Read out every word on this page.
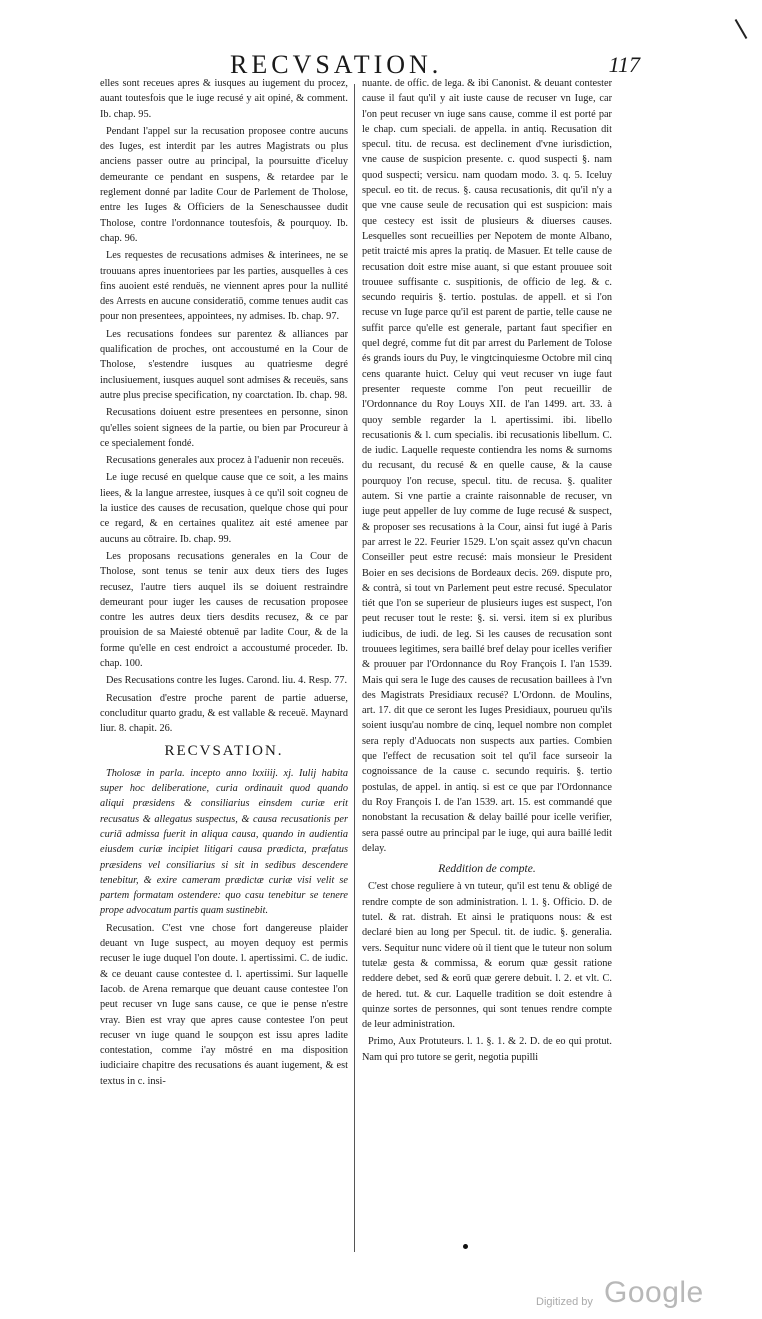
RECVSATION.	117

elles sont receues apres & iusques au iugement du procez, auant toutesfois que le iuge recusé y ait opiné, & comment. Ib. chap. 95.

Pendant l'appel sur la recusation proposee contre aucuns des Iuges, est interdit par les autres Magistrats ou plus anciens passer outre au principal, la poursuitte d'iceluy demeurante ce pendant en suspens, & retardee par le reglement donné par ladite Cour de Parlement de Tholose, entre les Iuges & Officiers de la Seneschaussee dudit Tholose, contre l'ordonnance toutesfois, & pourquoy. Ib. chap. 96.

Les requestes de recusations admises & interinees, ne se trouuans apres inuentoriees par les parties, ausquelles à ces fins auoient esté renduës, ne viennent apres pour la nullité des Arrests en aucune consideratiō, comme tenues audit cas pour non presentees, appointees, ny admises. Ib. chap. 97.

Les recusations fondees sur parentez & alliances par qualification de proches, ont accoustumé en la Cour de Tholose, s'estendre iusques au quatriesme degré inclusiuement, iusques auquel sont admises & receuës, sans autre plus precise specification, ny coarctation. Ib. chap. 98.

Recusations doiuent estre presentees en personne, sinon qu'elles soient signees de la partie, ou bien par Procureur à ce specialement fondé.

Recusations generales aux procez à l'aduenir non receuës.

Le iuge recusé en quelque cause que ce soit, a les mains liees, & la langue arrestee, iusques à ce qu'il soit cogneu de la iustice des causes de recusation, quelque chose qui pour ce regard, & en certaines qualitez ait esté amenee par aucuns au cōtraire. Ib. chap. 99.

Les proposans recusations generales en la Cour de Tholose, sont tenus se tenir aux deux tiers des Iuges recusez, l'autre tiers auquel ils se doiuent restraindre demeurant pour iuger les causes de recusation proposee contre les autres deux tiers desdits recusez, & ce par prouision de sa Maiesté obtenuë par ladite Cour, & de la forme qu'elle en cest endroict a accoustumé proceder. Ib. chap. 100.

Des Recusations contre les Iuges. Carond. liu. 4. Resp. 77.

Recusation d'estre proche parent de partie aduerse, concluditur quarto gradu, & est vallable & receuë. Maynard liur. 8. chapit. 26.

RECVSATION.

Tholosæ in parla. incepto anno lxxiiij. xj. Iulij habita super hoc deliberatione, curia ordinauit quod quando aliqui præsidens & consiliarius einsdem curiæ erit recusatus & allegatus suspectus, & causa recusationis per curiā admissa fuerit in aliqua causa, quando in audientia eiusdem curiæ incipiet litigari causa prædicta, præfatus præsidens vel consiliarius si sit in sedibus descendere tenebitur, & exire cameram prædictæ curiæ visi velit se partem formatam ostendere: quo casu tenebitur se tenere prope advocatum partis quam sustinebit.

Recusation. C'est vne chose fort dangereuse plaider deuant vn Iuge suspect, au moyen dequoy est permis recuser le iuge duquel l'on doute. l. apertissimi. C. de iudic. & ce deuant cause contestee d. l. apertissimi. Sur laquelle Iacob. de Arena remarque que deuant cause contestee l'on peut recuser vn Iuge sans cause, ce que ie pense n'estre vray. Bien est vray que apres cause contestee l'on peut recuser vn iuge quand le soupçon est issu apres ladite contestation, comme i'ay môstré en ma disposition iudiciaire chapitre des recusations és auant iugement, & est textus in c. insi-

nuante. de offic. de lega. & ibi Canonist. & deuant contester cause il faut qu'il y ait iuste cause de recuser vn Iuge, car l'on peut recuser vn iuge sans cause, comme il est porté par le chap. cum speciali. de appella. in antiq. Recusation dit specul. titu. de recusa. est declinement d'vne iurisdiction, vne cause de suspicion presente. c. quod suspecti §. nam quod suspecti; versicu. nam quodam modo. 3. q. 5. Iceluy specul. eo tit. de recus. §. causa recusationis, dit qu'il n'y a que vne cause seule de recusation qui est suspicion: mais que cestecy est issit de plusieurs & diuerses causes. Lesquelles sont recueillies per Nepotem de monte Albano, petit traicté mis apres la pratiq. de Masuer. Et telle cause de recusation doit estre mise auant, si que estant prouuee soit trouuee suffisante c. suspitionis, de officio de leg. & c. secundo requiris §. tertio. postulas. de appell. et si l'on recuse vn Iuge parce qu'il est parent de partie, telle cause ne suffit parce qu'elle est generale, partant faut specifier en quel degré, comme fut dit par arrest du Parlement de Tolose és grands iours du Puy, le vingtcinquiesme Octobre mil cinq cens quarante huict. Celuy qui veut recuser vn iuge faut presenter requeste comme l'on peut recueillir de l'Ordonnance du Roy Louys XII. de l'an 1499. art. 33. à quoy semble regarder la l. apertissimi. ibi. libello recusationis & l. cum specialis. ibi recusationis libellum. C. de iudic. Laquelle requeste contiendra les noms & surnoms du recusant, du recusé & en quelle cause, & la cause pourquoy l'on recuse, specul. titu. de recusa. §. qualiter autem. Si vne partie a crainte raisonnable de recuser, vn iuge peut appeller de luy comme de Iuge recusé & suspect, & proposer ses recusations à la Cour, ainsi fut iugé à Paris par arrest le 22. Feurier 1529. L'on sçait assez qu'vn chacun Conseiller peut estre recusé: mais monsieur le President Boier en ses decisions de Bordeaux decis. 269. dispute pro, & contrà, si tout vn Parlement peut estre recusé. Speculator tiét que l'on se superieur de plusieurs iuges est suspect, l'on peut recuser tout le reste: §. si. versi. item si ex pluribus iudicibus, de iudi. de leg. Si les causes de recusation sont trouuees legitimes, sera baillé bref delay pour icelles verifier & prouuer par l'Ordonnance du Roy François I. l'an 1539. Mais qui sera le Iuge des causes de recusation baillees à l'vn des Magistrats Presidiaux recusé? L'Ordonn. de Moulins, art. 17. dit que ce seront les Iuges Presidiaux, pourueu qu'ils soient iusqu'au nombre de cinq, lequel nombre non complet sera reply d'Aduocats non suspects aux parties. Combien que l'effect de recusation soit tel qu'il face surseoir la cognoissance de la cause c. secundo requiris. §. tertio postulas, de appel. in antiq. si est ce que par l'Ordonnance du Roy François I. de l'an 1539. art. 15. est commandé que nonobstant la recusation & delay baillé pour icelle verifier, sera passé outre au principal par le iuge, qui aura baillé ledit delay.

Reddition de compte.

C'est chose reguliere à vn tuteur, qu'il est tenu & obligé de rendre compte de son administration. l. 1. §. Officio. D. de tutel. & rat. distrah. Et ainsi le pratiquons nous: & est declaré bien au long per Specul. tit. de iudic. §. generalia. vers. Sequitur nunc videre où il tient que le tuteur non solum tutelæ gesta & commissa, & eorum quæ gessit ratione reddere debet, sed & eorū quæ gerere debuit. l. 2. et vlt. C. de hered. tut. & cur. Laquelle tradition se doit estendre à quinze sortes de personnes, qui sont tenues rendre compte de leur administration.

Primo, Aux Protuteurs. l. 1. §. 1. & 2. D. de eo qui protut. Nam qui pro tutore se gerit, negotia pupilli

Digitized by Google
